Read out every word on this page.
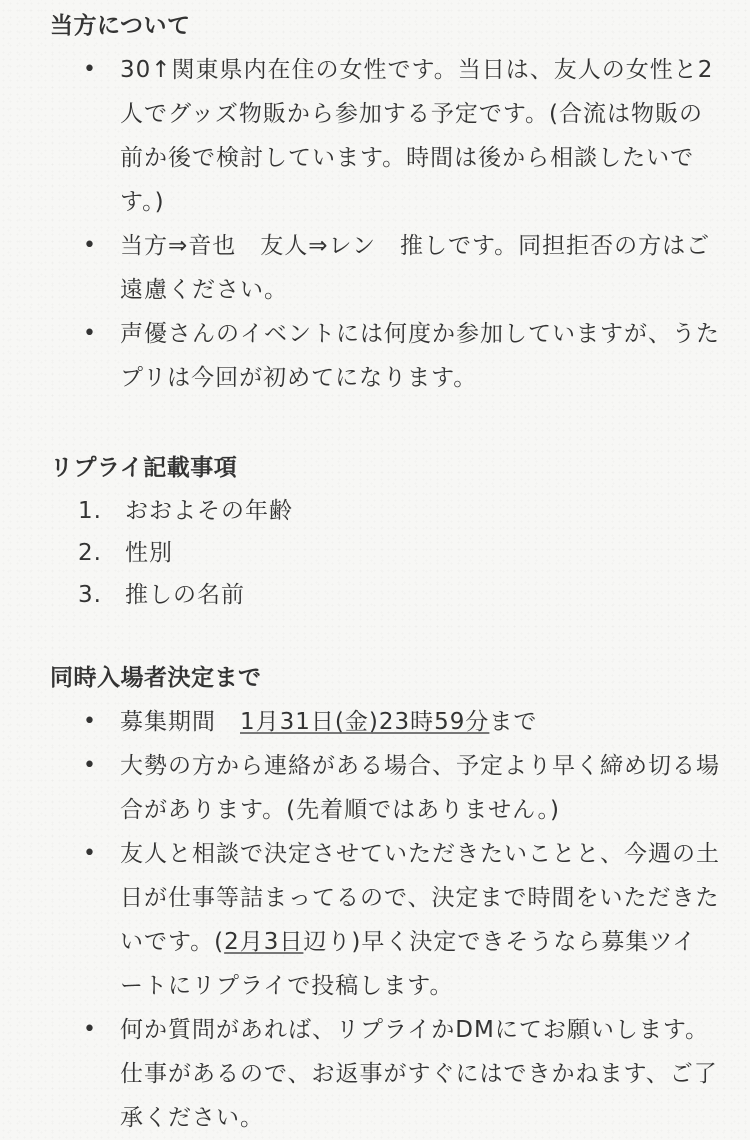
当方について
• 30↑関東県内在住の女性です。当日は、友人の女性と2人でグッズ物販から参加する予定です。(合流は物販の前か後で検討しています。時間は後から相談したいです。)
• 当方⇒音也　友人⇒レン　推しです。同担拒否の方はご遠慮ください。
• 声優さんのイベントには何度か参加していますが、うたプリは今回が初めてになります。
リプライ記載事項
1. おおよその年齢
2. 性別
3. 推しの名前
同時入場者決定まで
• 募集期間　1月31日(金)23時59分まで
• 大勢の方から連絡がある場合、予定より早く締め切る場合があります。(先着順ではありません。)
• 友人と相談で決定させていただきたいことと、今週の土日が仕事等詰まってるので、決定まで時間をいただきたいです。(2月3日辺り)早く決定できそうなら募集ツイートにリプライで投稿します。
• 何か質問があれば、リプライかDMにてお願いします。仕事があるので、お返事がすぐにはできかねます、ご了承ください。
